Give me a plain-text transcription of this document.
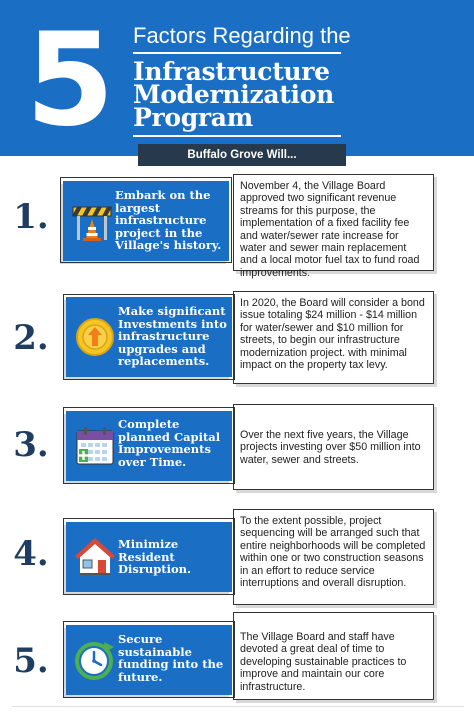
5 Factors Regarding the
Infrastructure
Modernization
Program
Buffalo Grove Will...
1.
November 4, the Village Board approved two significant revenue streams for this purpose, the implementation of a fixed facility fee and water/sewer rate increase for water and sewer main replacement and a local motor fuel tax to fund road improvements.
Embark on the largest infrastructure project in the Village's history.
2.
In 2020, the Board will consider a bond issue totaling $24 million - $14 million for water/sewer and $10 million for streets, to begin our infrastructure modernization project. with minimal impact on the property tax levy.
Make significant Investments into infrastructure upgrades and replacements.
3.	Over the next five years, the Village projects investing over $50 million into water, sewer and streets.
Complete planned Capital Improvements over Time.
4.
To the extent possible, project sequencing will be arranged such that entire neighborhoods will be completed within one or two construction seasons in an effort to reduce service interruptions and overall disruption.
Minimize Resident Disruption.
5.
The Village Board and staff have devoted a great deal of time to developing sustainable practices to improve and maintain our core infrastructure.
Secure sustainable funding into the future.
